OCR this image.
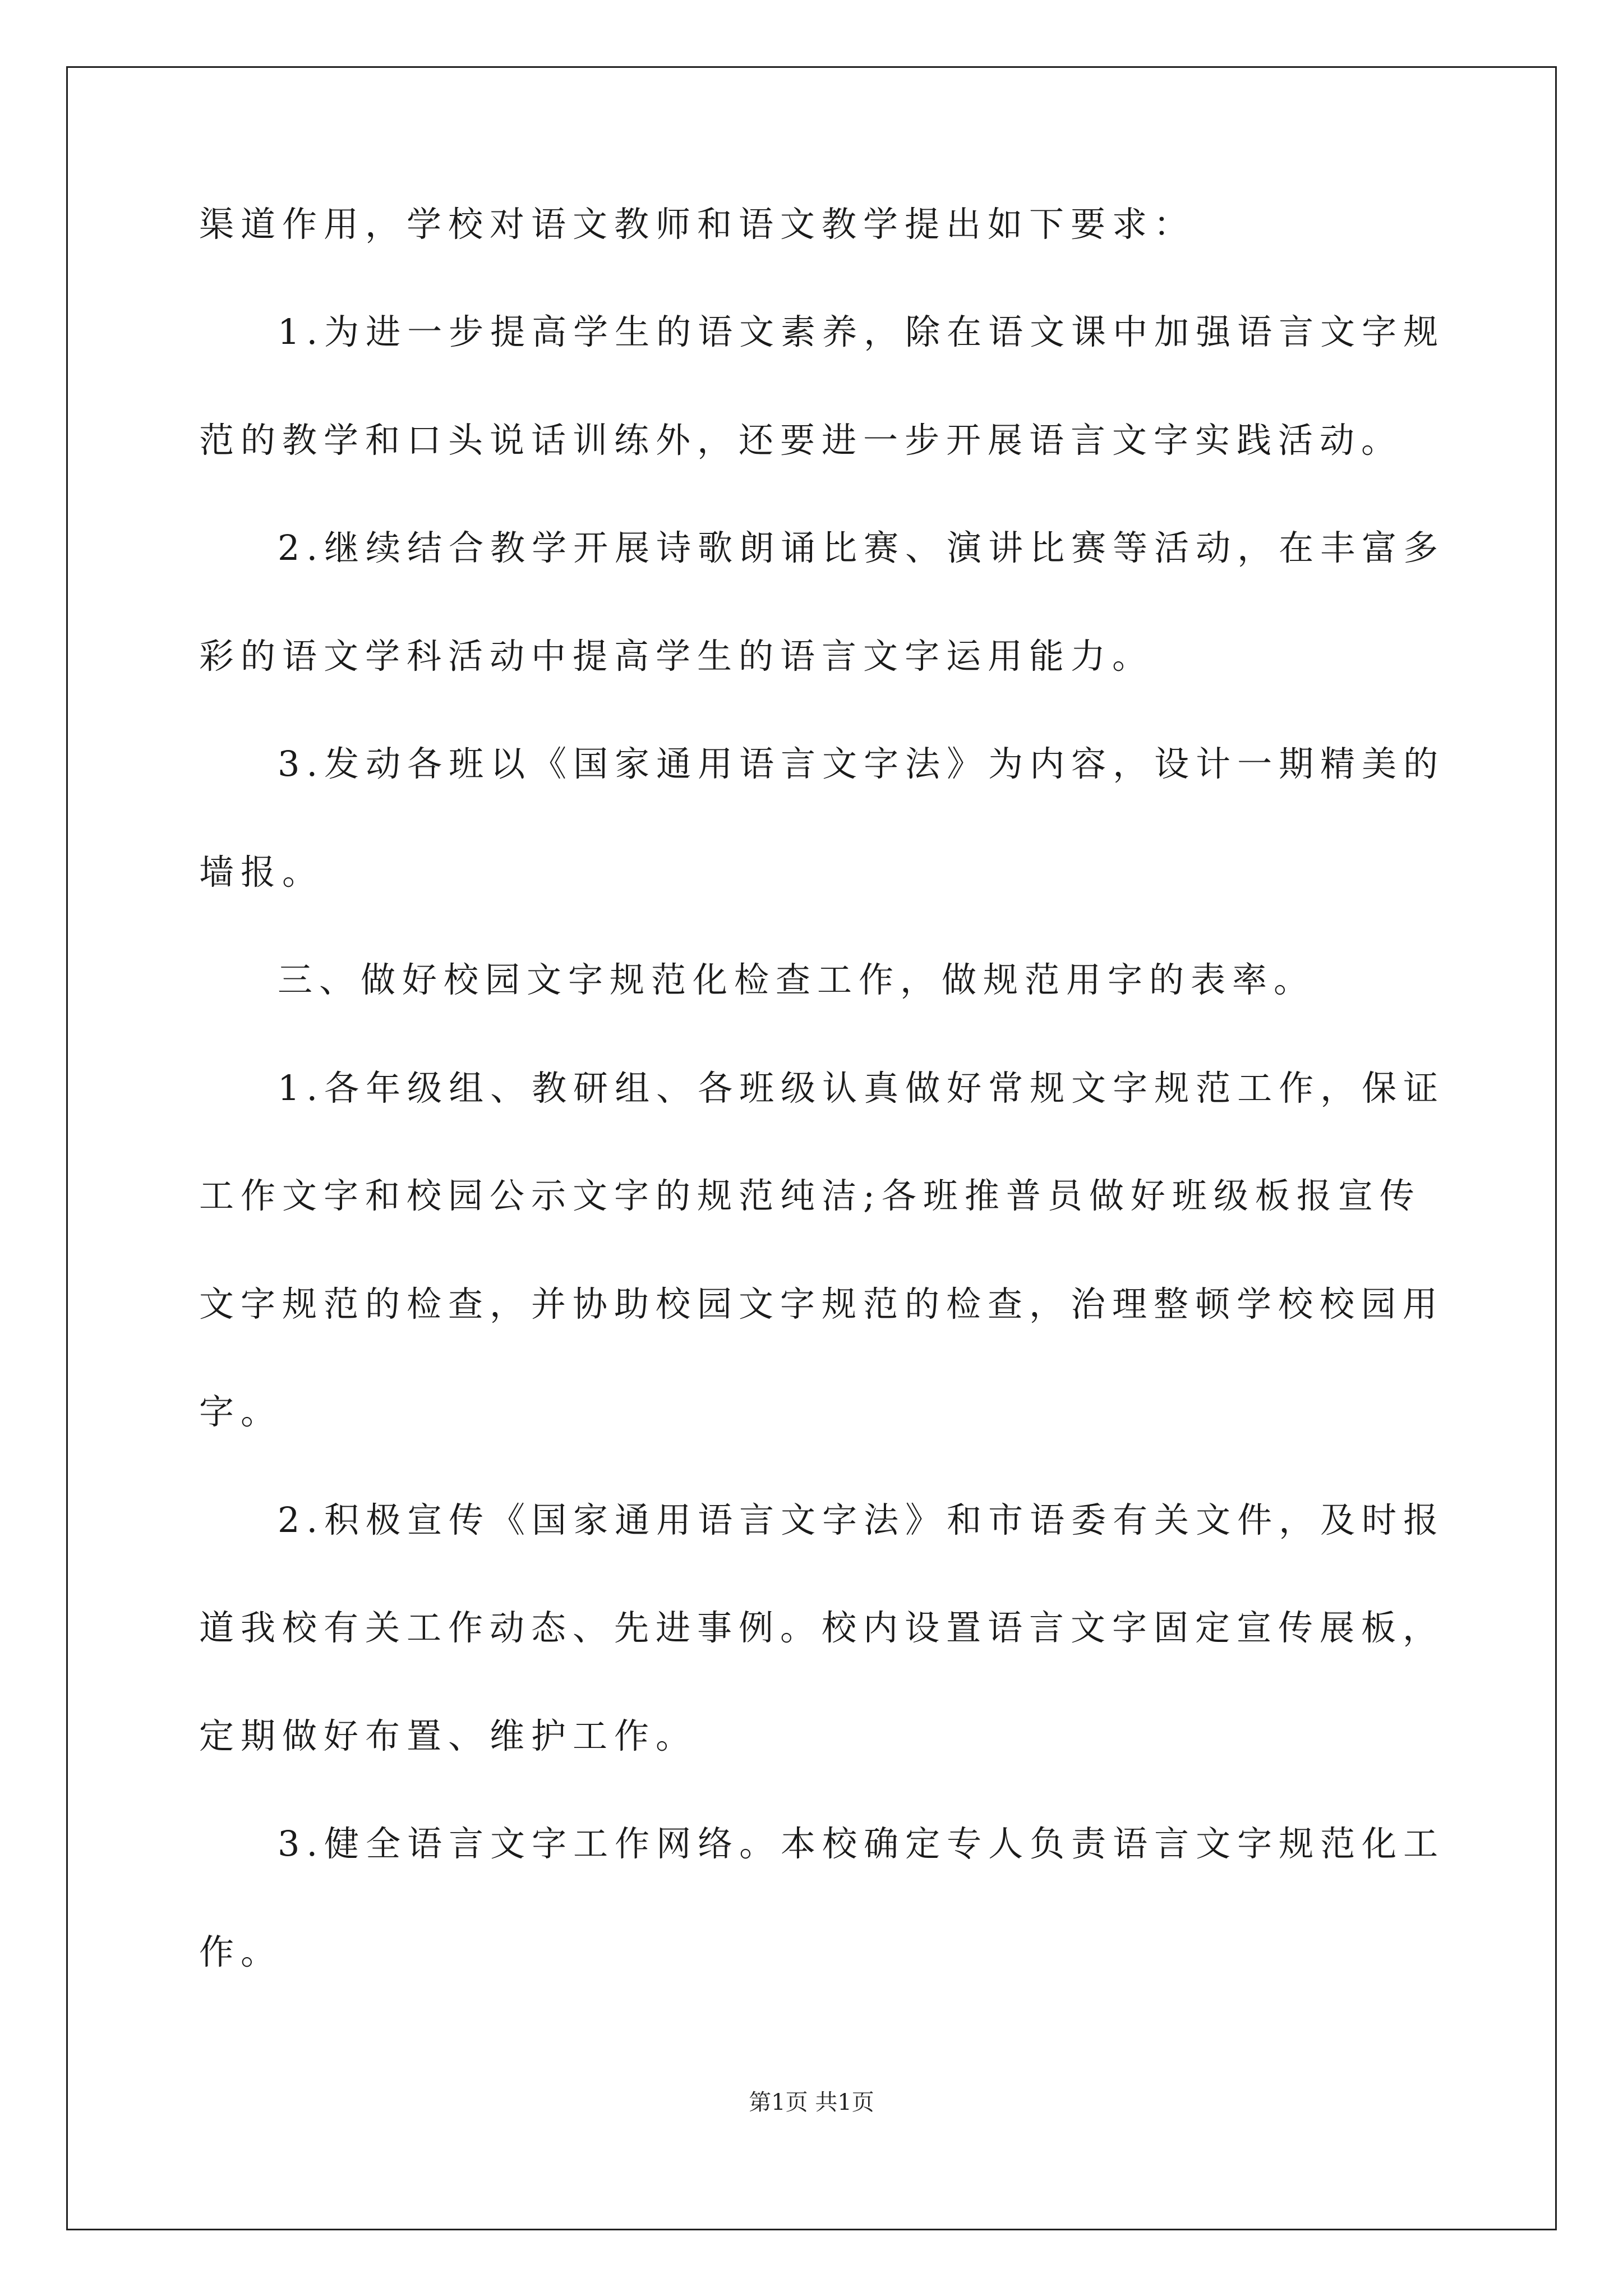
渠道作用，学校对语文教师和语文教学提出如下要求：
1.为进一步提高学生的语文素养，除在语文课中加强语言文字规
范的教学和口头说话训练外，还要进一步开展语言文字实践活动。
2.继续结合教学开展诗歌朗诵比赛、演讲比赛等活动，在丰富多
彩的语文学科活动中提高学生的语言文字运用能力。
3.发动各班以《国家通用语言文字法》为内容，设计一期精美的
墙报。
三、做好校园文字规范化检查工作，做规范用字的表率。
1.各年级组、教研组、各班级认真做好常规文字规范工作，保证
工作文字和校园公示文字的规范纯洁;各班推普员做好班级板报宣传
文字规范的检查，并协助校园文字规范的检查，治理整顿学校校园用
字。
2.积极宣传《国家通用语言文字法》和市语委有关文件，及时报
道我校有关工作动态、先进事例。校内设置语言文字固定宣传展板，
定期做好布置、维护工作。
3.健全语言文字工作网络。本校确定专人负责语言文字规范化工
作。
第1页 共1页
